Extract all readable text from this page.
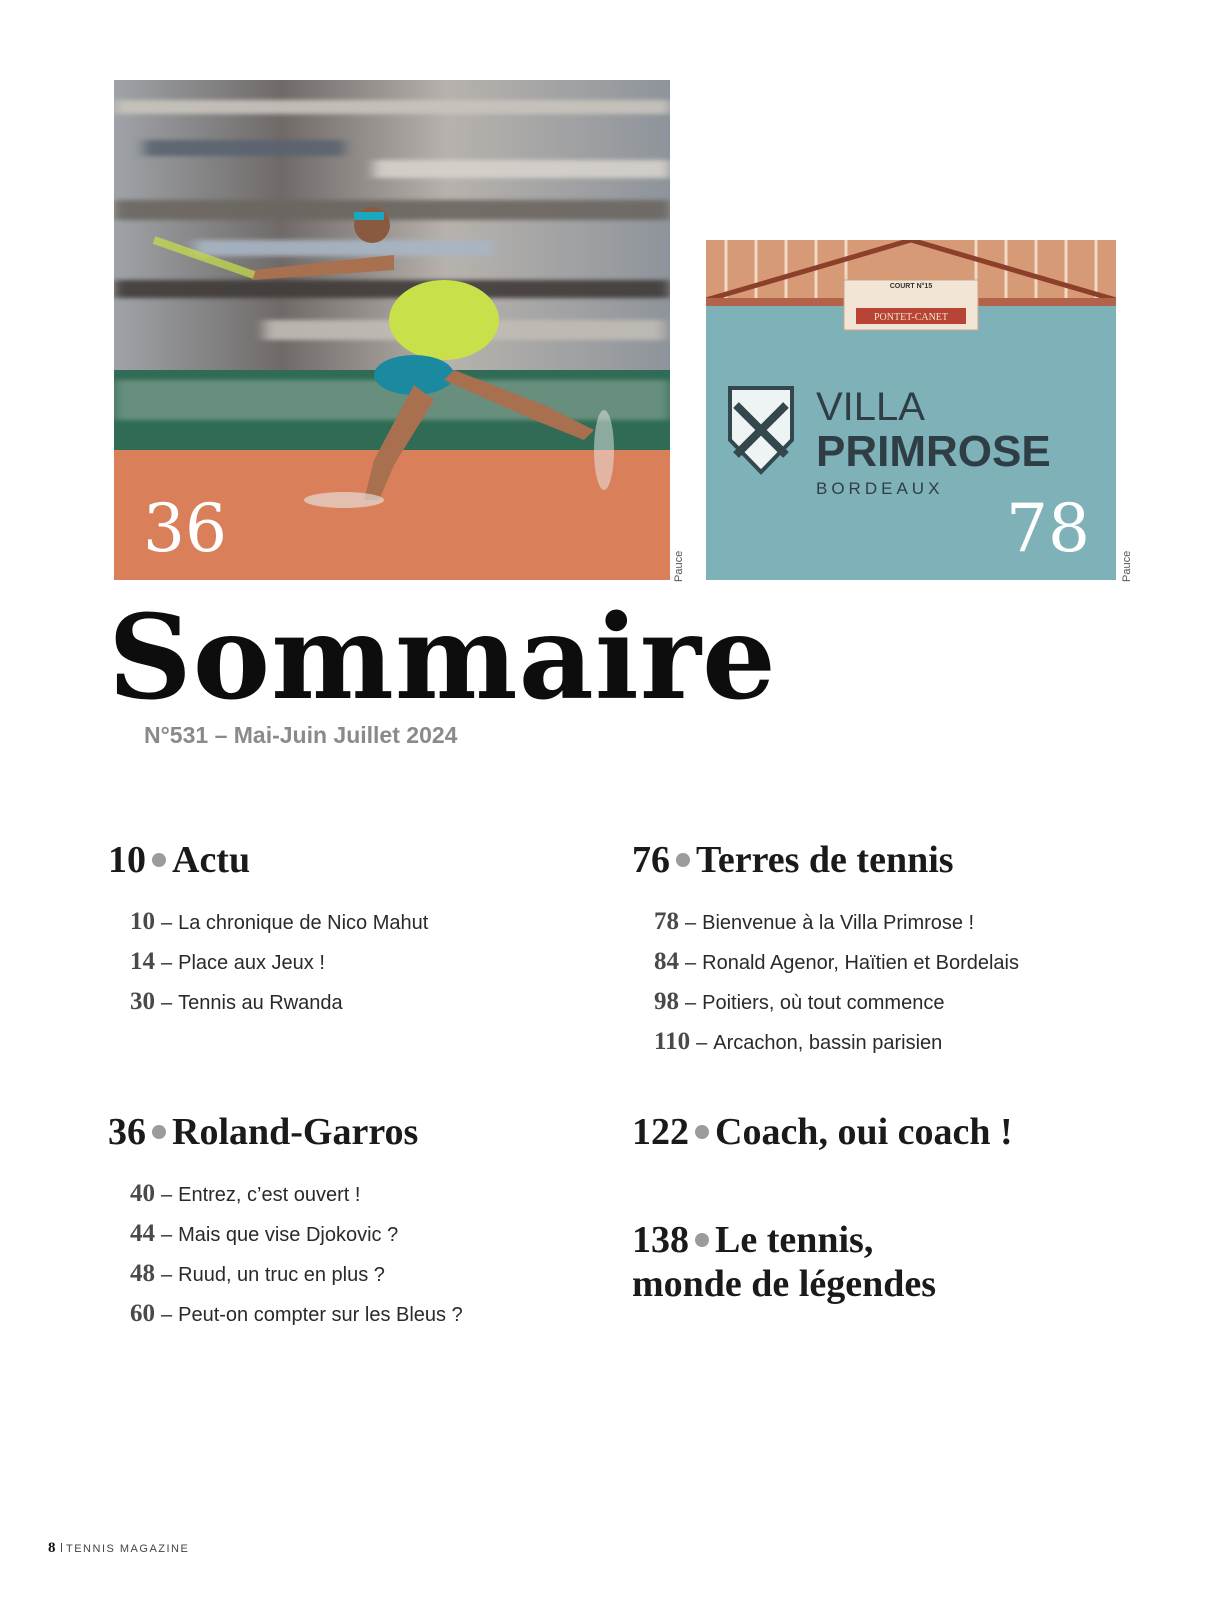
36	Pauce
COURT N°15
PONTET-CANET
VILLA
PRIMROSE
BORDEAUX
78	Pauce
Sommaire
N°531 – Mai-Juin Juillet 2024
10 Actu
10 – La chronique de Nico Mahut
14 – Place aux Jeux !
30 – Tennis au Rwanda
36 Roland-Garros
40 – Entrez, c’est ouvert !
44 – Mais que vise Djokovic ?
48 – Ruud, un truc en plus ?
60 – Peut-on compter sur les Bleus ?
76 Terres de tennis
78 – Bienvenue à la Villa Primrose !
84 – Ronald Agenor, Haïtien et Bordelais
98 – Poitiers, où tout commence
110 – Arcachon, bassin parisien
122 Coach, oui coach !
138 Le tennis,
monde de légendes
8 TENNIS MAGAZINE
